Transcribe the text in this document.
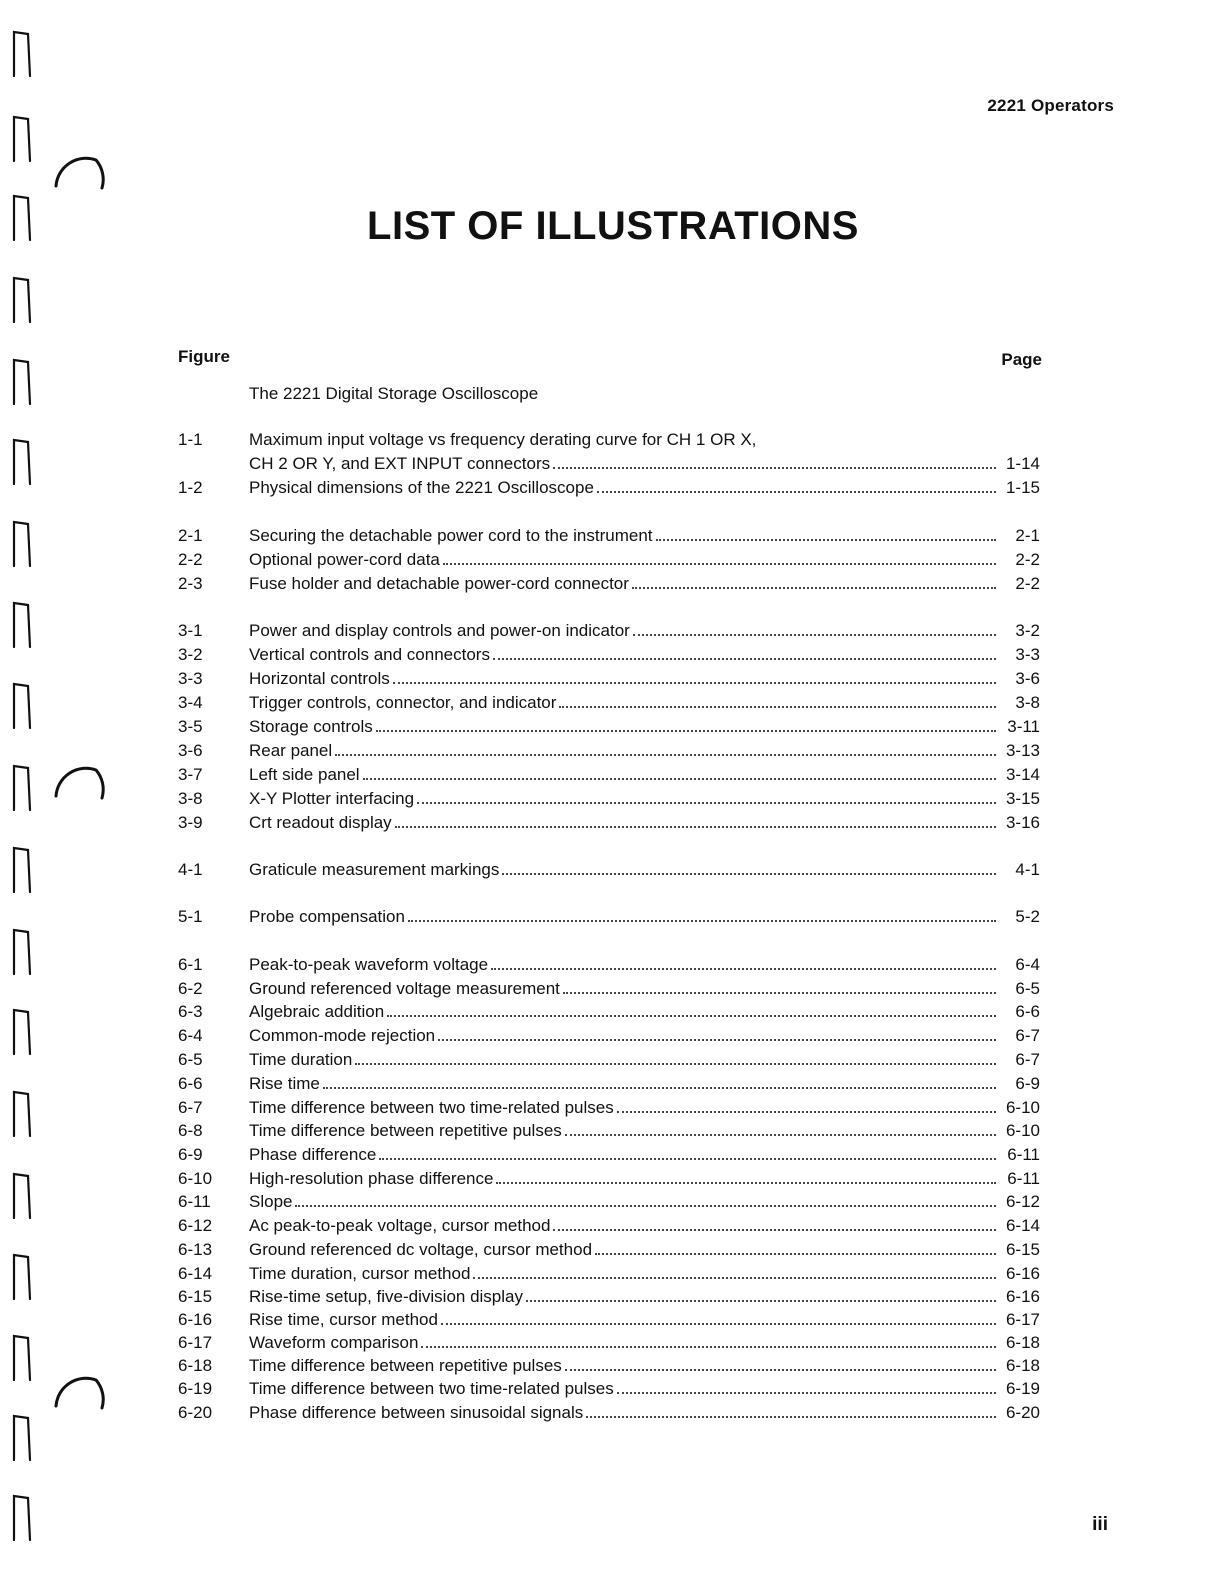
2221 Operators
LIST OF ILLUSTRATIONS
Figure	Page
The 2221 Digital Storage Oscilloscope
1-1	Maximum input voltage vs frequency derating curve for CH 1 OR X,
CH 2 OR Y, and EXT INPUT connectors	1-14
1-2	Physical dimensions of the 2221 Oscilloscope	1-15
2-1	Securing the detachable power cord to the instrument	2-1
2-2	Optional power-cord data	2-2
2-3	Fuse holder and detachable power-cord connector	2-2
3-1	Power and display controls and power-on indicator	3-2
3-2	Vertical controls and connectors	3-3
3-3	Horizontal controls	3-6
3-4	Trigger controls, connector, and indicator	3-8
3-5	Storage controls	3-11
3-6	Rear panel	3-13
3-7	Left side panel	3-14
3-8	X-Y Plotter interfacing	3-15
3-9	Crt readout display	3-16
4-1	Graticule measurement markings	4-1
5-1	Probe compensation	5-2
6-1	Peak-to-peak waveform voltage	6-4
6-2	Ground referenced voltage measurement	6-5
6-3	Algebraic addition	6-6
6-4	Common-mode rejection	6-7
6-5	Time duration	6-7
6-6	Rise time	6-9
6-7	Time difference between two time-related pulses	6-10
6-8	Time difference between repetitive pulses	6-10
6-9	Phase difference	6-11
6-10	High-resolution phase difference	6-11
6-11	Slope	6-12
6-12	Ac peak-to-peak voltage, cursor method	6-14
6-13	Ground referenced dc voltage, cursor method	6-15
6-14	Time duration, cursor method	6-16
6-15	Rise-time setup, five-division display	6-16
6-16	Rise time, cursor method	6-17
6-17	Waveform comparison	6-18
6-18	Time difference between repetitive pulses	6-18
6-19	Time difference between two time-related pulses	6-19
6-20	Phase difference between sinusoidal signals	6-20
iii
